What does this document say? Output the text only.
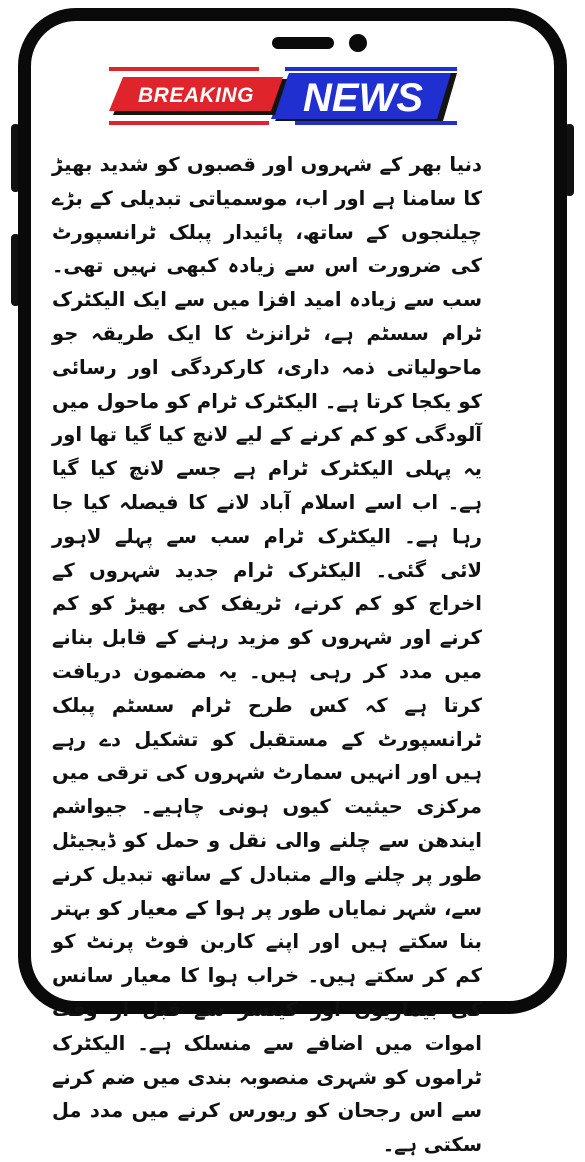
BREAKING NEWS

دنیا بھر کے شہروں اور قصبوں کو شدید بھیڑ کا سامنا ہے اور اب، موسمیاتی تبدیلی کے بڑے چیلنجوں کے ساتھ، پائیدار پبلک ٹرانسپورٹ کی ضرورت اس سے زیادہ کبھی نہیں تھی۔ سب سے زیادہ امید افزا میں سے ایک الیکٹرک ٹرام سسٹم ہے، ٹرانزٹ کا ایک طریقہ جو ماحولیاتی ذمہ داری، کارکردگی اور رسائی کو یکجا کرتا ہے۔ الیکٹرک ٹرام کو ماحول میں آلودگی کو کم کرنے کے لیے لانچ کیا گیا تھا اور یہ پہلی الیکٹرک ٹرام ہے جسے لانچ کیا گیا ہے۔ اب اسے اسلام آباد لانے کا فیصلہ کیا جا رہا ہے۔ الیکٹرک ٹرام سب سے پہلے لاہور لائی گئی۔ الیکٹرک ٹرام جدید شہروں کے اخراج کو کم کرنے، ٹریفک کی بھیڑ کو کم کرنے اور شہروں کو مزید رہنے کے قابل بنانے میں مدد کر رہی ہیں۔ یہ مضمون دریافت کرتا ہے کہ کس طرح ٹرام سسٹم پبلک ٹرانسپورٹ کے مستقبل کو تشکیل دے رہے ہیں اور انہیں سمارٹ شہروں کی ترقی میں مرکزی حیثیت کیوں ہونی چاہیے۔ جیواشم ایندھن سے چلنے والی نقل و حمل کو ڈیجیٹل طور پر چلنے والے متبادل کے ساتھ تبدیل کرنے سے، شہر نمایاں طور پر ہوا کے معیار کو بہتر بنا سکتے ہیں اور اپنے کاربن فوٹ پرنٹ کو کم کر سکتے ہیں۔ خراب ہوا کا معیار سانس کی بیماریوں اور کینسر سے قبل از وقت اموات میں اضافے سے منسلک ہے۔ الیکٹرک ٹراموں کو شہری منصوبہ بندی میں ضم کرنے سے اس رجحان کو ریورس کرنے میں مدد مل سکتی ہے۔
